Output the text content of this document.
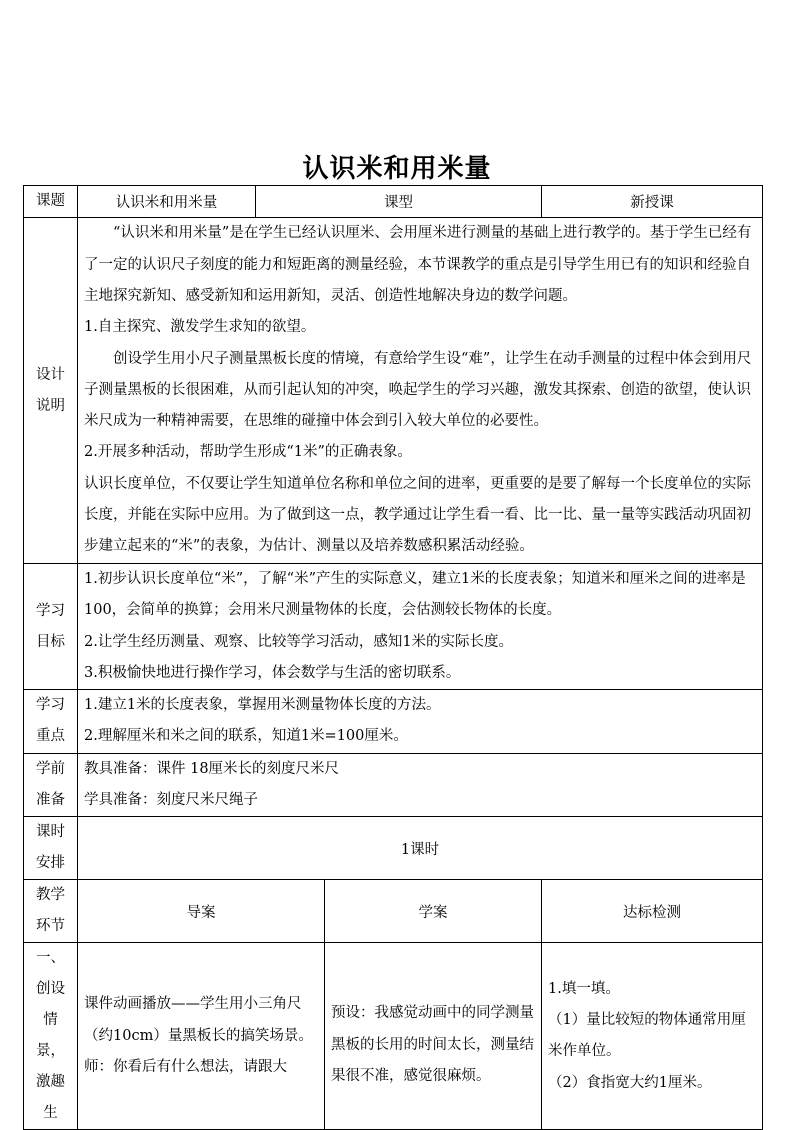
认识米和用米量
课题	认识米和用米量	课型		新授课
设计说明	“认识米和用米量”是在学生已经认识厘米、会用厘米进行测量的基础上进行教学的。基于学生已经有了一定的认识尺子刻度的能力和短距离的测量经验，本节课教学的重点是引导学生用已有的知识和经验自主地探究新知、感受新知和运用新知，灵活、创造性地解决身边的数学问题。

1.自主探究、激发学生求知的欲望。

创设学生用小尺子测量黑板长度的情境，有意给学生设“难”，让学生在动手测量的过程中体会到用尺子测量黑板的长很困难，从而引起认知的冲突，唤起学生的学习兴趣，激发其探索、创造的欲望，使认识米尺成为一种精神需要，在思维的碰撞中体会到引入较大单位的必要性。

2.开展多种活动，帮助学生形成“1米”的正确表象。

认识长度单位，不仅要让学生知道单位名称和单位之间的进率，更重要的是要了解每一个长度单位的实际长度，并能在实际中应用。为了做到这一点，教学通过让学生看一看、比一比、量一量等实践活动巩固初步建立起来的“米”的表象，为估计、测量以及培养数感积累活动经验。			

学习目标	1.初步认识长度单位“米”，了解“米”产生的实际意义，建立1米的长度表象；知道米和厘米之间的进率是100，会简单的换算；会用米尺测量物体的长度，会估测较长物体的长度。

2.让学生经历测量、观察、比较等学习活动，感知1米的实际长度。

3.积极愉快地进行操作学习，体会数学与生活的密切联系。			

学习重点	1.建立1米的长度表象，掌握用米测量物体长度的方法。

2.理解厘米和米之间的联系，知道1米=100厘米。			

学前准备	教具准备：课件 18厘米长的刻度尺米尺

学具准备：刻度尺米尺绳子			

课时安排	1课时			
教学环节	导案		学案	达标检测
一、创设情景，激趣生	课件动画播放——学生用小三角尺（约10cm）量黑板长的搞笑场景。师：你看后有什么想法，请跟大		预设：我感觉动画中的同学测量黑板的长用的时间太长，测量结果很不准，感觉很麻烦。	1.填一填。

（1）量比较短的物体通常用厘米作单位。

（2）食指宽大约1厘米。
